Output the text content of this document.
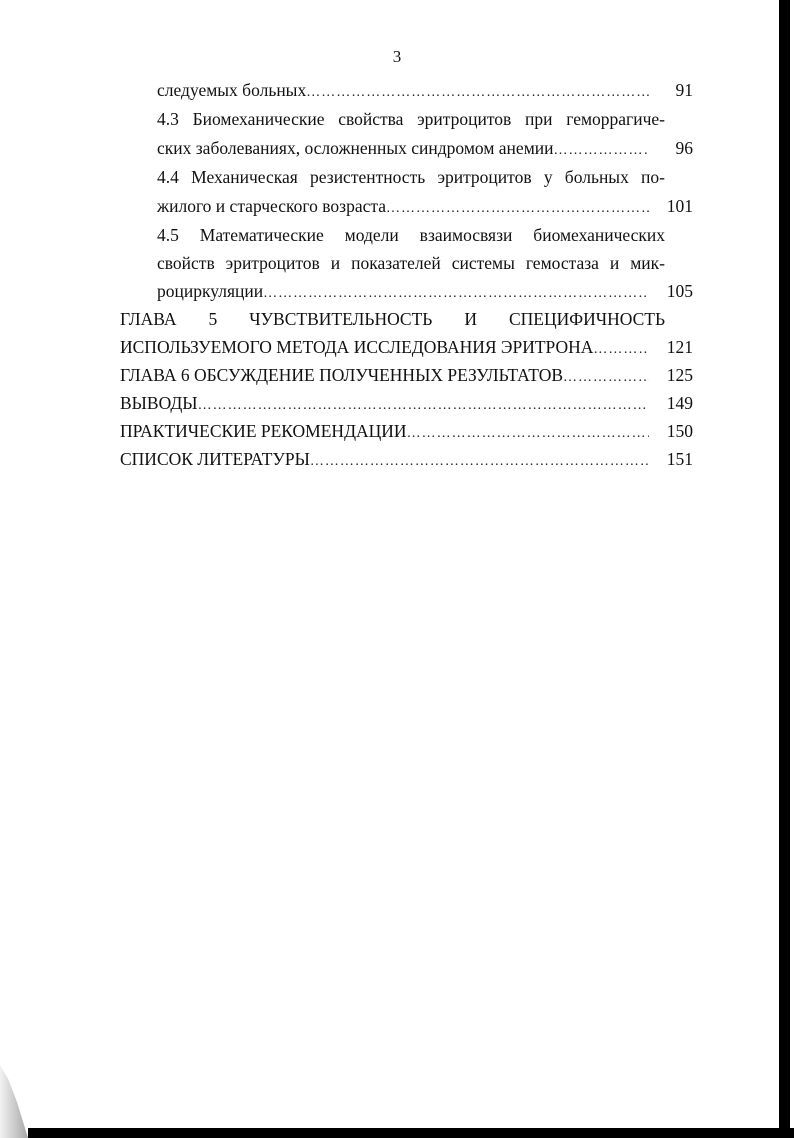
3
следуемых больных …………………………………………………………………………………………………………………………………………	91
4.3 Биомеханические свойства эритроцитов при геморрагиче-
ских заболеваниях, осложненных синдромом анемии …………………………………………………………………………………………………………………………………………	96
4.4 Механическая резистентность эритроцитов у больных по-
жилого и старческого возраста …………………………………………………………………………………………………………………………………………	101
4.5 Математические модели взаимосвязи биомеханических
свойств эритроцитов и показателей системы гемостаза и мик-
роциркуляции …………………………………………………………………………………………………………………………………………	105
ГЛАВА 5 ЧУВСТВИТЕЛЬНОСТЬ И СПЕЦИФИЧНОСТЬ
ИСПОЛЬЗУЕМОГО МЕТОДА ИССЛЕДОВАНИЯ ЭРИТРОНА …………………………………………………………………………………………………………………………………………	121
ГЛАВА 6 ОБСУЖДЕНИЕ ПОЛУЧЕННЫХ РЕЗУЛЬТАТОВ …………………………………………………………………………………………………………………………………………	125
ВЫВОДЫ …………………………………………………………………………………………………………………………………………	149
ПРАКТИЧЕСКИЕ РЕКОМЕНДАЦИИ …………………………………………………………………………………………………………………………………………	150
СПИСОК ЛИТЕРАТУРЫ …………………………………………………………………………………………………………………………………………	151
